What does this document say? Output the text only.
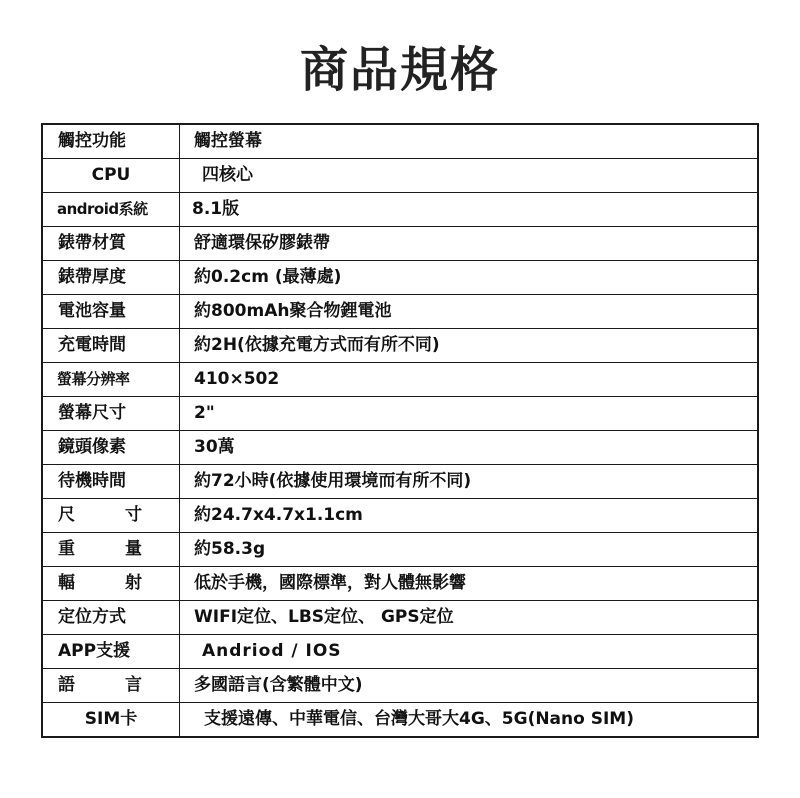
商品規格
觸控功能	觸控螢幕
CPU	四核心
android系統	8.1版
錶帶材質	舒適環保矽膠錶帶
錶帶厚度	約0.2cm (最薄處)
電池容量	約800mAh聚合物鋰電池
充電時間	約2H(依據充電方式而有所不同)
螢幕分辨率	410×502
螢幕尺寸	2"
鏡頭像素	30萬
待機時間	約72小時(依據使用環境而有所不同)

尺 寸	約24.7x4.7x1.1cm

重 量	約58.3g

輻 射	低於手機，國際標準，對人體無影響
定位方式	WIFI定位、LBS定位、 GPS定位
APP支援	Andriod / IOS

語 言	多國語言(含繁體中文)
SIM卡	支援遠傳、中華電信、台灣大哥大4G、5G(Nano SIM)
